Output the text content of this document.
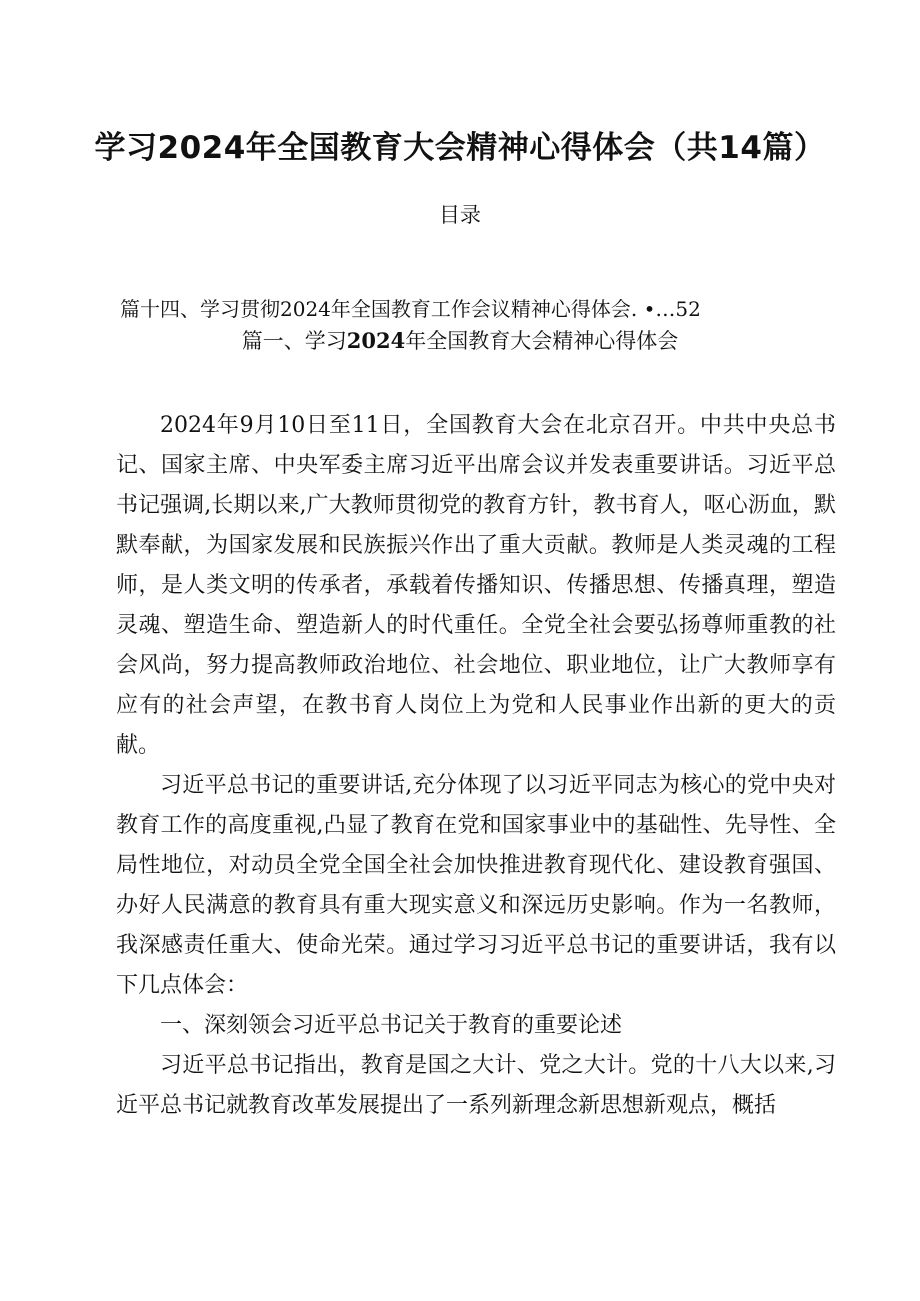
学习2024年全国教育大会精神心得体会（共14篇）
目录
篇十四、学习贯彻2024年全国教育工作会议精神心得体会. •…52
篇一、学习2024年全国教育大会精神心得体会

2024年9月10日至11日，全国教育大会在北京召开。中共中央总书记、国家主席、中央军委主席习近平出席会议并发表重要讲话。习近平总书记强调,长期以来,广大教师贯彻党的教育方针，教书育人，呕心沥血，默默奉献，为国家发展和民族振兴作出了重大贡献。教师是人类灵魂的工程师，是人类文明的传承者，承载着传播知识、传播思想、传播真理，塑造灵魂、塑造生命、塑造新人的时代重任。全党全社会要弘扬尊师重教的社会风尚，努力提高教师政治地位、社会地位、职业地位，让广大教师享有应有的社会声望，在教书育人岗位上为党和人民事业作出新的更大的贡献。

习近平总书记的重要讲话,充分体现了以习近平同志为核心的党中央对教育工作的高度重视,凸显了教育在党和国家事业中的基础性、先导性、全局性地位，对动员全党全国全社会加快推进教育现代化、建设教育强国、办好人民满意的教育具有重大现实意义和深远历史影响。作为一名教师，我深感责任重大、使命光荣。通过学习习近平总书记的重要讲话，我有以下几点体会：

一、深刻领会习近平总书记关于教育的重要论述

习近平总书记指出，教育是国之大计、党之大计。党的十八大以来,习近平总书记就教育改革发展提出了一系列新理念新思想新观点，概括
